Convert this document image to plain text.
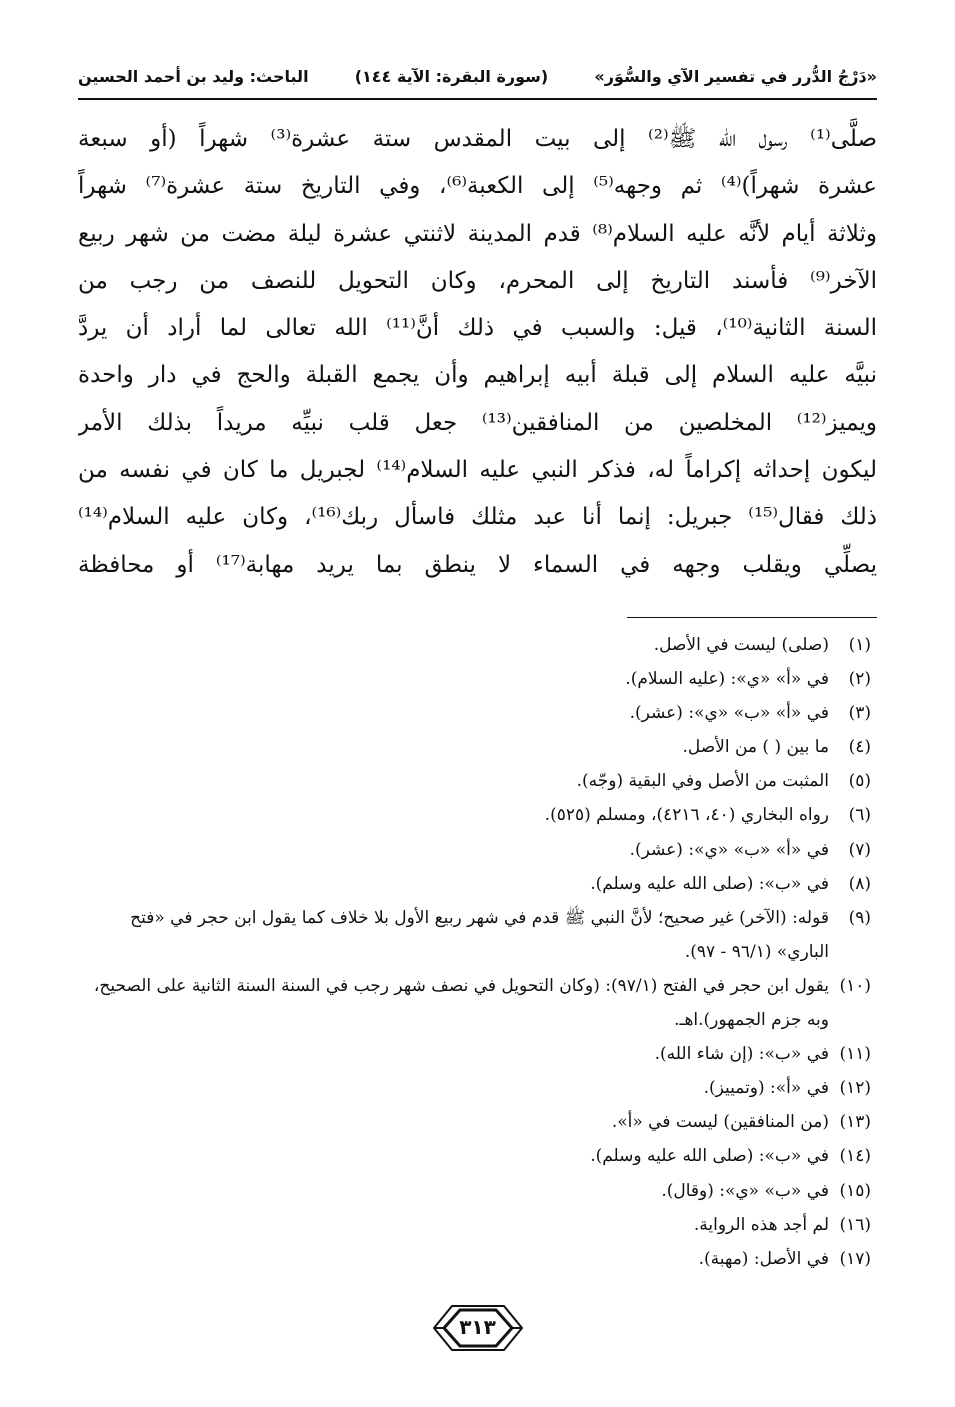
«دَرْجُ الدُّرر في تفسير الآي والسُّوَر»
(سورة البقرة: الآية ١٤٤)
الباحث: وليد بن أحمد الحسين
صلَّى⁽¹⁾ رسول الله ﷺ⁽²⁾ إلى بيت المقدس ستة عشرة⁽³⁾ شهراً (أو سبعة
عشرة شهراً)⁽⁴⁾ ثم وجهه⁽⁵⁾ إلى الكعبة⁽⁶⁾، وفي التاريخ ستة عشرة⁽⁷⁾ شهراً
وثلاثة أيام لأنَّه عليه السلام⁽⁸⁾ قدم المدينة لاثنتي عشرة ليلة مضت من شهر ربيع
الآخر⁽⁹⁾ فأسند التاريخ إلى المحرم، وكان التحويل للنصف من رجب من
السنة الثانية⁽¹⁰⁾، قيل: والسبب في ذلك أنَّ⁽¹¹⁾ الله تعالى لما أراد أن يردَّ
نبيَّه عليه السلام إلى قبلة أبيه إبراهيم وأن يجمع القبلة والحج في دار واحدة
ويميز⁽¹²⁾ المخلصين من المنافقين⁽¹³⁾ جعل قلب نبيِّه مريداً بذلك الأمر
ليكون إحداثه إكراماً له، فذكر النبي عليه السلام⁽¹⁴⁾ لجبريل ما كان في نفسه من
ذلك فقال⁽¹⁵⁾ جبريل: إنما أنا عبد مثلك فاسأل ربك⁽¹⁶⁾، وكان عليه السلام⁽¹⁴⁾
يصلِّي ويقلب وجهه في السماء لا ينطق بما يريد مهابة⁽¹⁷⁾ أو محافظة
(١)
(صلى) ليست في الأصل.
(٢)
في «أ» «ي»: (عليه السلام).
(٣)
في «أ» «ب» «ي»: (عشر).
(٤)
ما بين ( ) من الأصل.
(٥)
المثبت من الأصل وفي البقية (وجّه).
(٦)
رواه البخاري (٤٠، ٤٢١٦)، ومسلم (٥٢٥).
(٧)
في «أ» «ب» «ي»: (عشر).
(٨)
في «ب»: (صلى الله عليه وسلم).
(٩)
قوله: (الآخر) غير صحيح؛ لأنَّ النبي ﷺ قدم في شهر ربيع الأول بلا خلاف كما يقول ابن حجر في «فتح الباري» (٩٦/١ - ٩٧).
(١٠)
يقول ابن حجر في الفتح (٩٧/١): (وكان التحويل في نصف شهر رجب في السنة السنة الثانية على الصحيح، وبه جزم الجمهور).اهـ.
(١١)
في «ب»: (إن شاء الله).
(١٢)
في «أ»: (وتمييز).
(١٣)
(من المنافقين) ليست في «أ».
(١٤)
في «ب»: (صلى الله عليه وسلم).
(١٥)
في «ب» «ي»: (وقال).
(١٦)
لم أجد هذه الرواية.
(١٧)
في الأصل: (مهبة).
٣١٣
